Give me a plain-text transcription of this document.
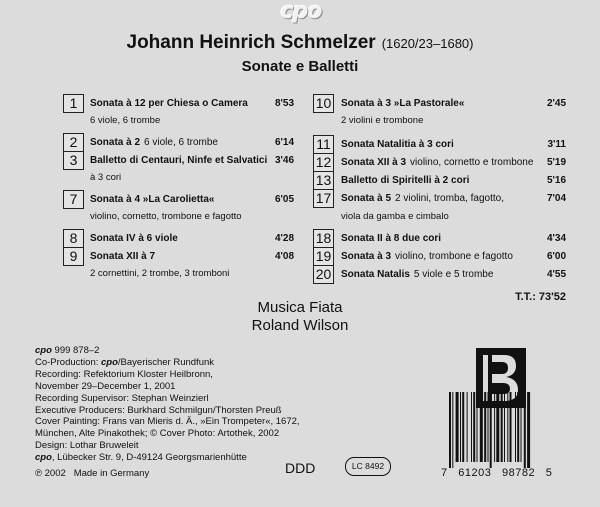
cpo
Johann Heinrich Schmelzer (1620/23–1680)
Sonate e Balletti
1	Sonata à 12 per Chiesa o Camera	8'53
6 viole, 6 trombe
2	Sonata à 2 6 viole, 6 trombe	6'14
3	Balletto di Centauri, Ninfe et Salvatici 3'46
à 3 cori
7	Sonata à 4 »La Carolietta«	6'05
violino, cornetto, trombone e fagotto
8	Sonata IV à 6 viole	4'28
9	Sonata XII à 7	4'08
2 cornettini, 2 trombe, 3 tromboni
10 Sonata à 3 »La Pastorale«	2'45
2 violini e trombone
11	Sonata Natalitia à 3 cori	3'11
12 Sonata XII à 3 violino, cornetto e trombone	5'19
13 Balletto di Spiritelli à 2 cori	5'16
17 Sonata à 5 2 violini, tromba, fagotto,	7'04
viola da gamba e cimbalo
18 Sonata II à 8 due cori	4'34
19 Sonata à 3 violino, trombone e fagotto	6'00
20 Sonata Natalis 5 viole e 5 trombe	4'55
T.T.: 73'52
Musica Fiata
Roland Wilson
cpo 999 878–2
Co-Production: cpo/Bayerischer Rundfunk
Recording: Refektorium Kloster Heilbronn,
November 29–December 1, 2001
Recording Supervisor: Stephan Weinzierl
Executive Producers: Burkhard Schmilgun/Thorsten Preuß
Cover Painting: Frans van Mieris d. Ä., »Ein Trompeter«, 1672,
München, Alte Pinakothek; © Cover Photo: Artothek, 2002
Design: Lothar Bruweleit
cpo, Lübecker Str. 9, D-49124 Georgsmarienhütte
℗ 2002   Made in Germany	DDD	LC 8492
7   61203   98782   5
